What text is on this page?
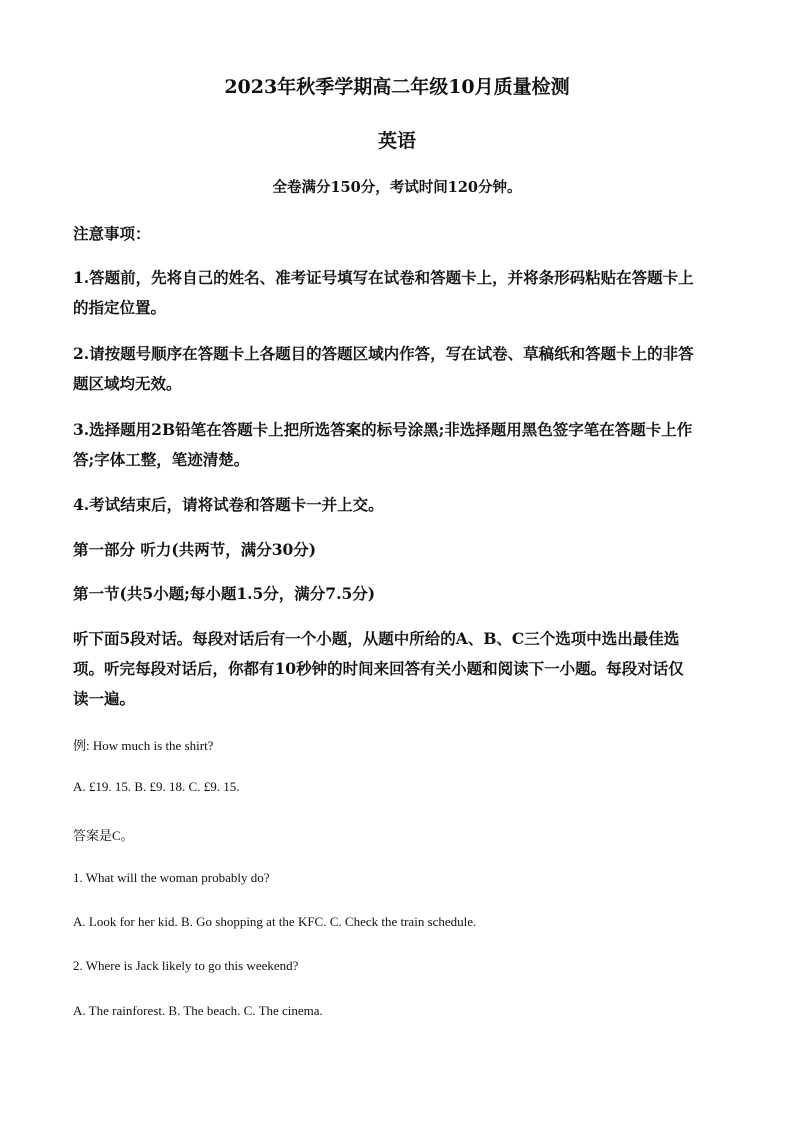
2023年秋季学期高二年级10月质量检测
英语

全卷满分150分，考试时间120分钟。

注意事项：

1.答题前，先将自己的姓名、准考证号填写在试卷和答题卡上，并将条形码粘贴在答题卡上

的指定位置。

2.请按题号顺序在答题卡上各题目的答题区域内作答，写在试卷、草稿纸和答题卡上的非答

题区域均无效。

3.选择题用2B铅笔在答题卡上把所选答案的标号涂黑;非选择题用黑色签字笔在答题卡上作

答;字体工整，笔迹清楚。

4.考试结束后，请将试卷和答题卡一并上交。

第一部分 听力(共两节，满分30分)

第一节(共5小题;每小题1.5分，满分7.5分)

听下面5段对话。每段对话后有一个小题，从题中所给的A、B、C三个选项中选出最佳选

项。听完每段对话后，你都有10秒钟的时间来回答有关小题和阅读下一小题。每段对话仅

读一遍。

例: How much is the shirt?

A. £19. 15. B. £9. 18. C. £9. 15.

答案是C。

1. What will the woman probably do?

A. Look for her kid. B. Go shopping at the KFC. C. Check the train schedule.

2. Where is Jack likely to go this weekend?

A. The rainforest. B. The beach. C. The cinema.
